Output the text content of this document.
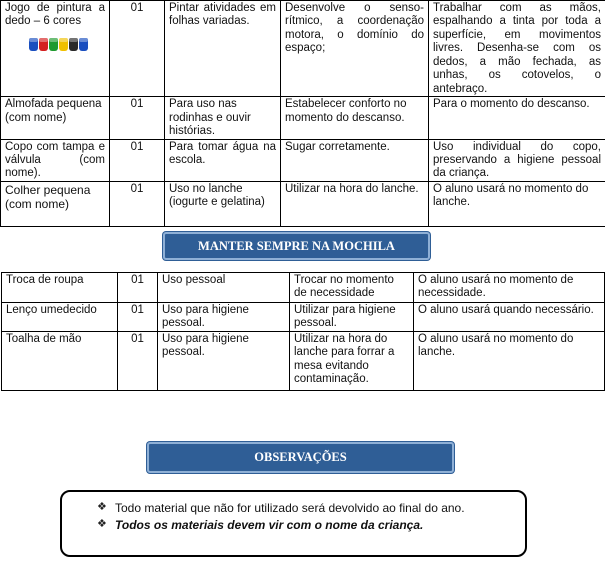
Jogo de pintura a dedo – 6 cores	01	Pintar atividades em folhas variadas.	Desenvolve o senso-rítmico, a coordenação motora, o domínio do espaço;	Trabalhar com as mãos, espalhando a tinta por toda a superfície, em movimentos livres. Desenha-se com os dedos, a mão fechada, as unhas, os cotovelos, o antebraço.
Almofada pequena (com nome)	01	Para uso nas rodinhas e ouvir histórias.	Estabelecer conforto no momento do descanso.	Para o momento do descanso.
Copo com tampa e válvula (com nome).	01	Para tomar água na escola.	Sugar corretamente.	Uso individual do copo, preservando a higiene pessoal da criança.
Colher pequena (com nome)	01	Uso no lanche (iogurte e gelatina)	Utilizar na hora do lanche.	O aluno usará no momento do lanche.
MANTER SEMPRE NA MOCHILA
Troca de roupa	01	Uso pessoal	Trocar no momento de necessidade	O aluno usará no momento de necessidade.
Lenço umedecido	01	Uso para higiene pessoal.	Utilizar para higiene pessoal.	O aluno usará quando necessário.
Toalha de mão	01	Uso para higiene pessoal.	Utilizar na hora do lanche para forrar a mesa evitando contaminação.	O aluno usará no momento do lanche.
OBSERVAÇÕES
❖ Todo material que não for utilizado será devolvido ao final do ano.
❖ Todos os materiais devem vir com o nome da criança.
